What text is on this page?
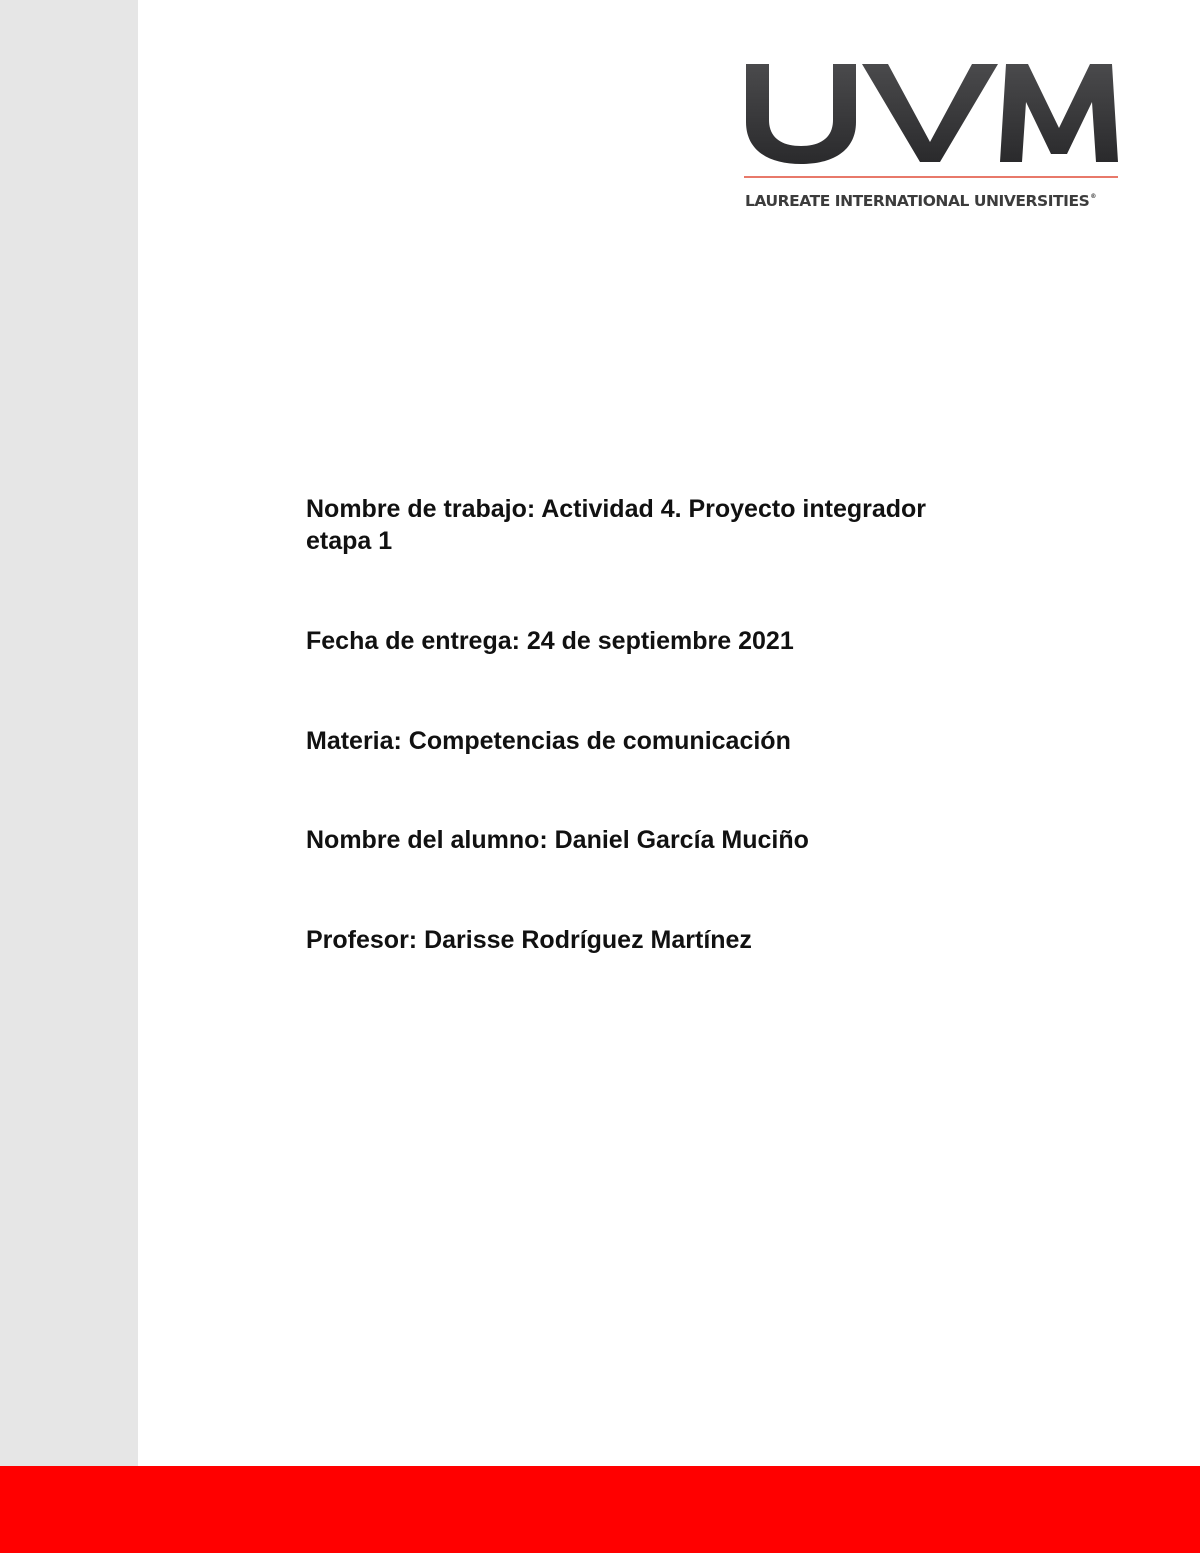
LAUREATE INTERNATIONAL UNIVERSITIES®

Nombre de trabajo: Actividad 4. Proyecto integrador etapa 1

Fecha de entrega: 24 de septiembre 2021

Materia: Competencias de comunicación

Nombre del alumno: Daniel García Muciño

Profesor: Darisse Rodríguez Martínez
